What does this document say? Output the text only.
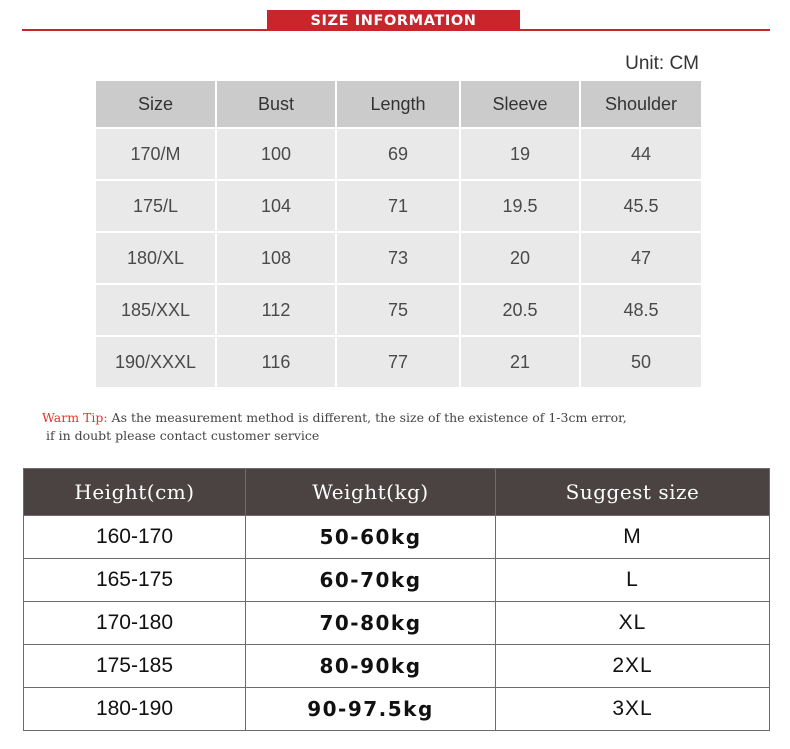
SIZE INFORMATION
Unit: CM
Size	Bust	Length	Sleeve	Shoulder
170/M	100	69	19	44
175/L	104	71	19.5	45.5
180/XL	108	73	20	47
185/XXL	112	75	20.5	48.5
190/XXXL	116	77	21	50
Warm Tip: As the measurement method is different, the size of the existence of 1-3cm error,
if in doubt please contact customer service
Height(cm)	Weight(kg)	Suggest size
160-170	50-60kg	M
165-175	60-70kg	L
170-180	70-80kg	XL
175-185	80-90kg	2XL
180-190	90-97.5kg	3XL
